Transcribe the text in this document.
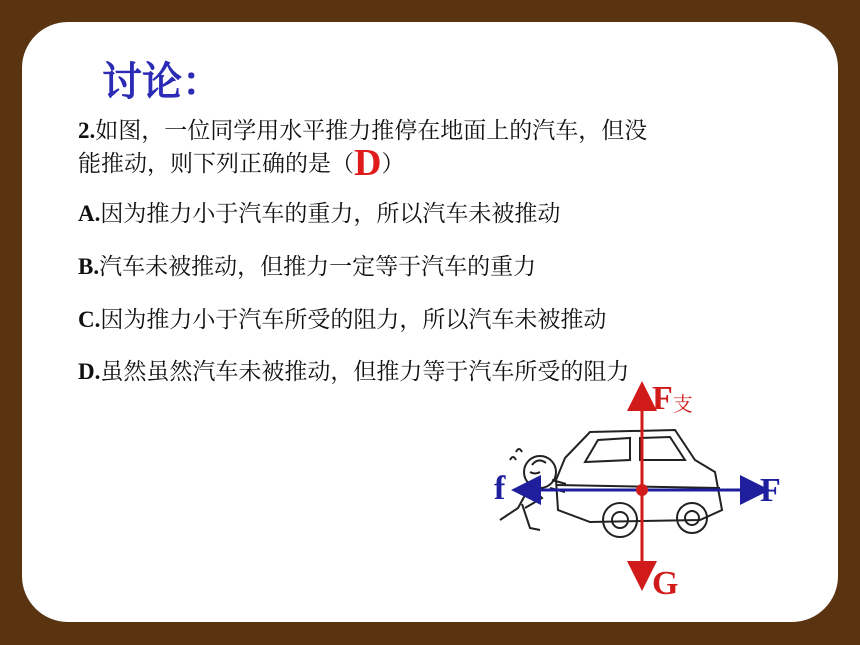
讨论：
2.如图，一位同学用水平推力推停在地面上的汽车，但没
能推动，则下列正确的是（D）
A.因为推力小于汽车的重力，所以汽车未被推动
B.汽车未被推动，但推力一定等于汽车的重力
C.因为推力小于汽车所受的阻力，所以汽车未被推动
D.虽然虽然汽车未被推动，但推力等于汽车所受的阻力
$F_支$
f	F
G
